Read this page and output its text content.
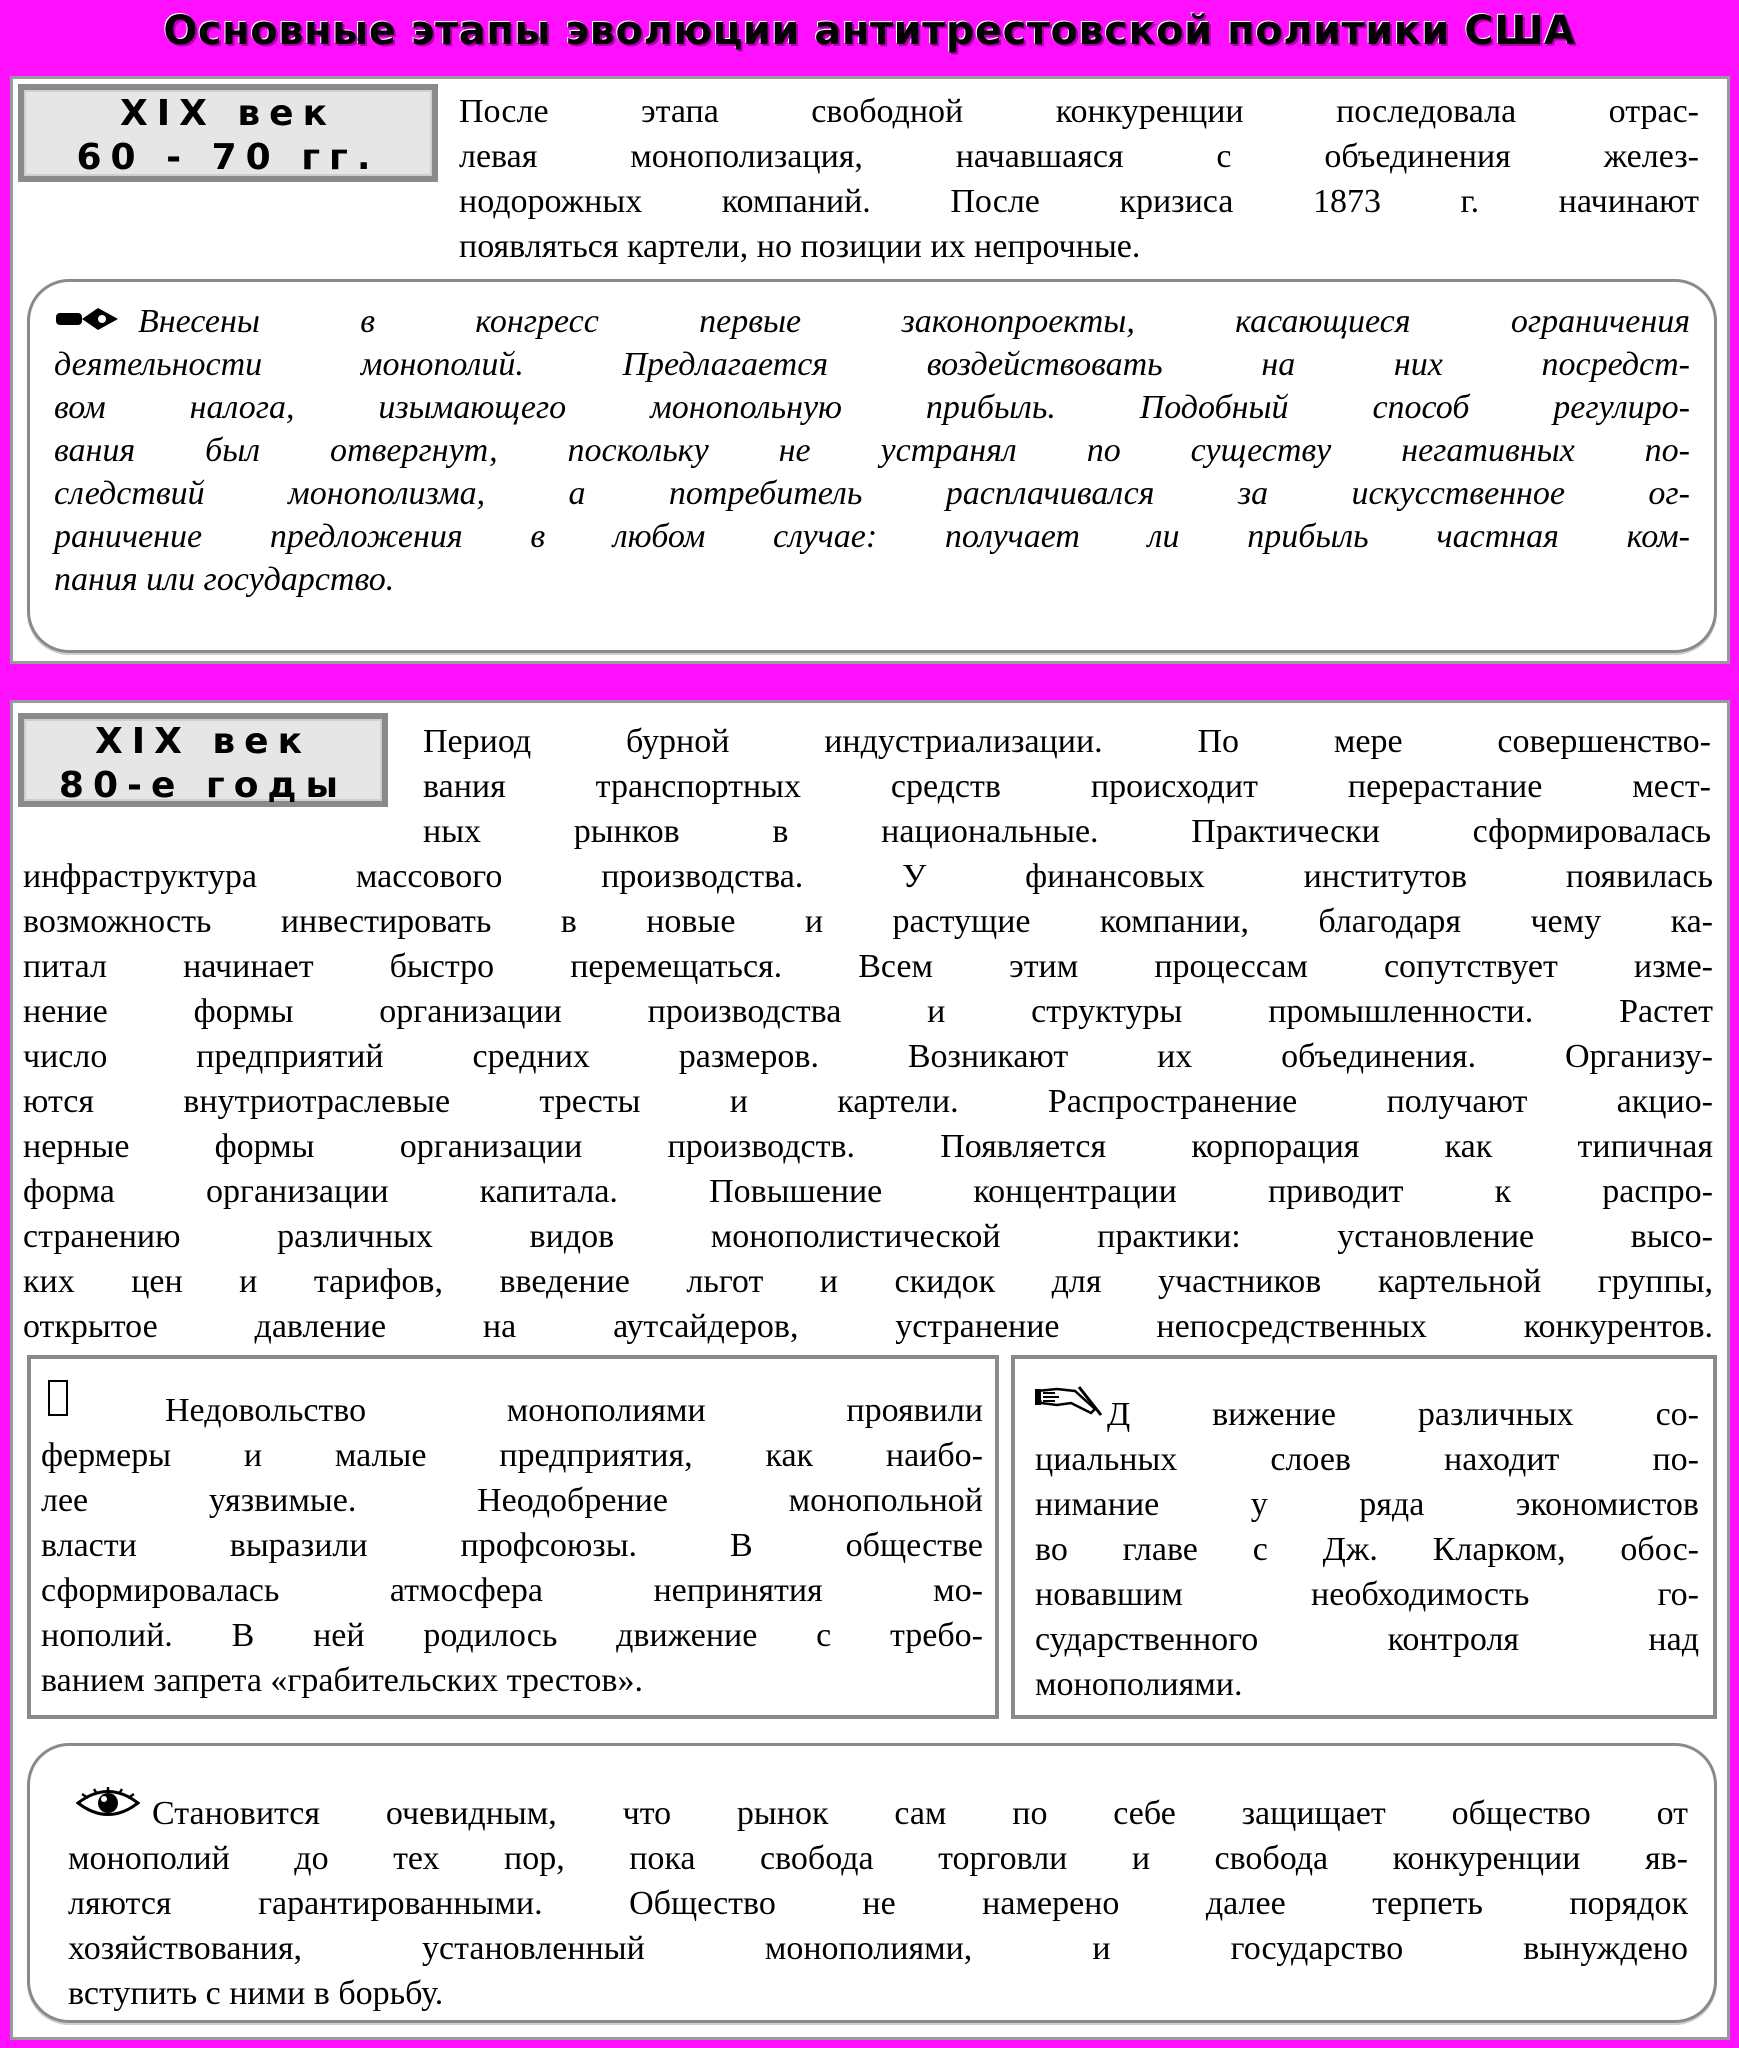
Основные этапы эволюции антитрестовской политики США
XIX век
60 - 70 гг.
После этапа свободной конкуренции последовала отрас-
левая монополизация, начавшаяся с объединения желез-
нодорожных компаний. После кризиса 1873 г. начинают
появляться картели, но позиции их непрочные.
Внесены в конгресс первые законопроекты, касающиеся ограничения
деятельности монополий. Предлагается воздействовать на них посредст-
вом налога, изымающего монопольную прибыль. Подобный способ регулиро-
вания был отвергнут, поскольку не устранял по существу негативных по-
следствий монополизма, а потребитель расплачивался за искусственное ог-
раничение предложения в любом случае: получает ли прибыль частная ком-
пания или государство.
XIX век
80-е годы
Период бурной индустриализации. По мере совершенство-
вания транспортных средств происходит перерастание мест-
ных рынков в национальные. Практически сформировалась
инфраструктура массового производства. У финансовых институтов появилась
возможность инвестировать в новые и растущие компании, благодаря чему ка-
питал начинает быстро перемещаться. Всем этим процессам сопутствует изме-
нение формы организации производства и структуры промышленности. Растет
число предприятий средних размеров. Возникают их объединения. Организу-
ются внутриотраслевые тресты и картели. Распространение получают акцио-
нерные формы организации производств. Появляется корпорация как типичная
форма организации капитала. Повышение концентрации приводит к распро-
странению различных видов монополистической практики: установление высо-
ких цен и тарифов, введение льгот и скидок для участников картельной группы,
открытое давление на аутсайдеров, устранение непосредственных конкурентов.
Недовольство монополиями проявили
фермеры и малые предприятия, как наибо-
лее уязвимые. Неодобрение монопольной
власти выразили профсоюзы. В обществе
сформировалась атмосфера непринятия мо-
нополий. В ней родилось движение с требо-
ванием запрета «грабительских трестов».
Д вижение различных со-
циальных слоев находит по-
нимание у ряда экономистов
во главе с Дж. Кларком, обос-
новавшим необходимость го-
сударственного контроля над
монополиями.
Становится очевидным, что рынок сам по себе защищает общество от
монополий до тех пор, пока свобода торговли и свобода конкуренции яв-
ляются гарантированными. Общество не намерено далее терпеть порядок
хозяйствования, установленный монополиями, и государство вынуждено
вступить с ними в борьбу.
